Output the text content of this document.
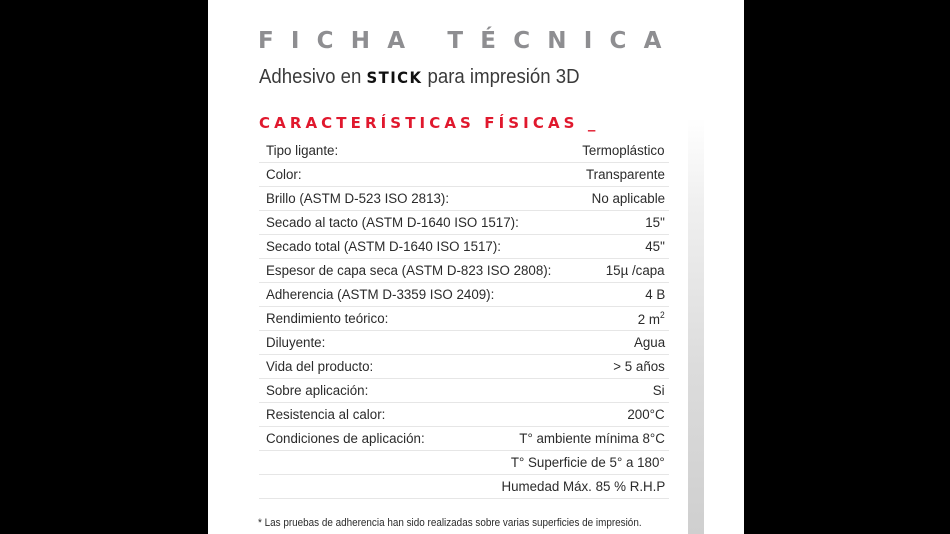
FICHA TÉCNICA
Adhesivo en STICK para impresión 3D
CARACTERÍSTICAS FÍSICAS _
Tipo ligante:	Termoplástico
Color:	Transparente
Brillo (ASTM D-523 ISO 2813):	No aplicable
Secado al tacto (ASTM D-1640 ISO 1517):	15"
Secado total (ASTM D-1640 ISO 1517):	45"
Espesor de capa seca (ASTM D-823 ISO 2808):	15µ /capa
Adherencia (ASTM D-3359 ISO 2409):	4 B
Rendimiento teórico:	2 $m^2$
Diluyente:	Agua
Vida del producto:	> 5 años
Sobre aplicación:	Si
Resistencia al calor:	200°C
Condiciones de aplicación:	T° ambiente mínima 8°C
T° Superficie de 5° a 180°
Humedad Máx. 85 % R.H.P
* Las pruebas de adherencia han sido realizadas sobre varias superficies de impresión.
